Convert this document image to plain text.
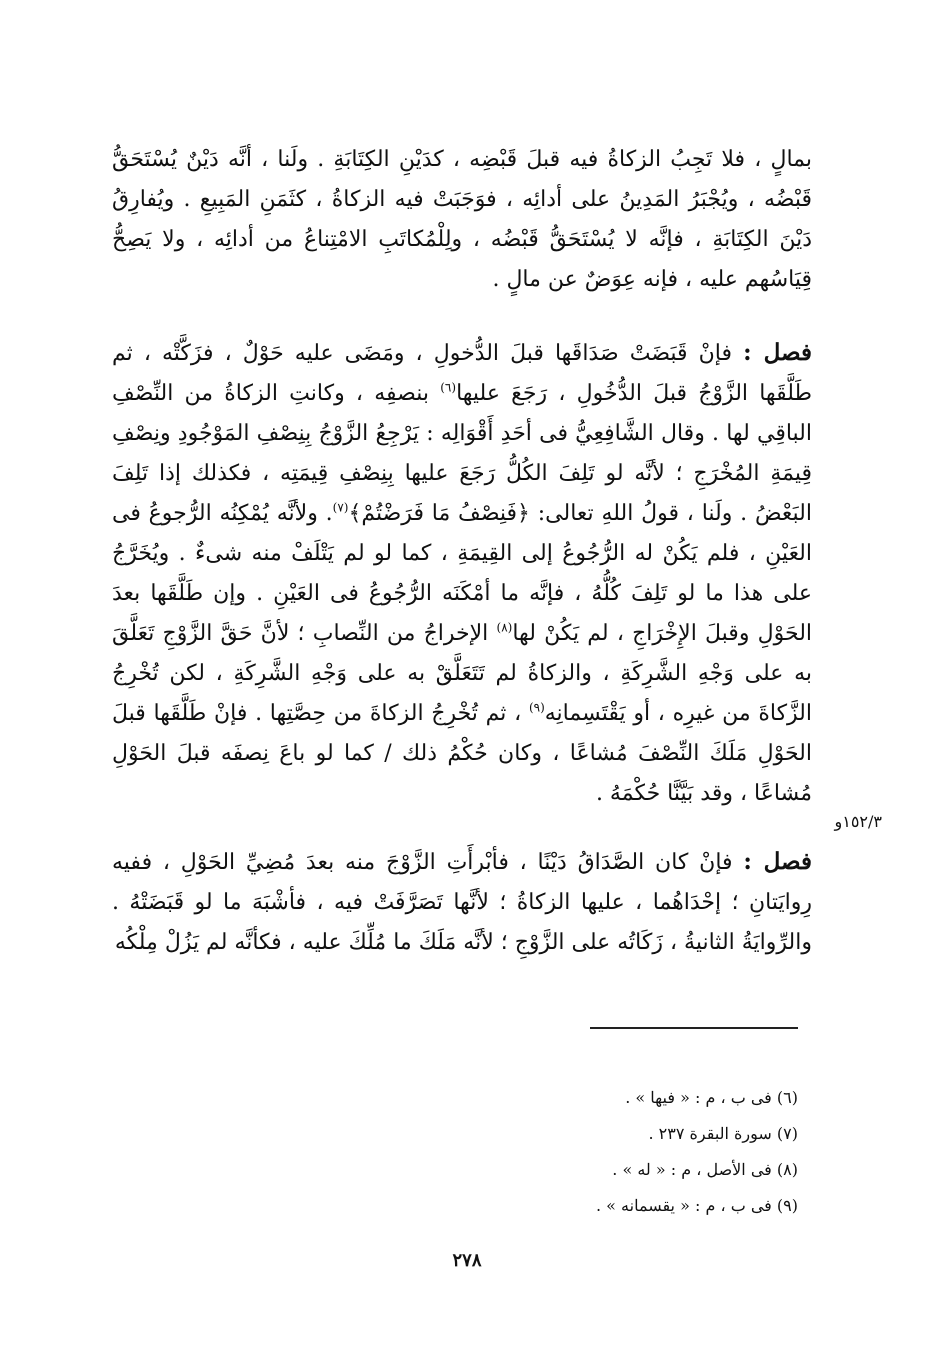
بمالٍ ، فلا تَجِبُ الزكاةُ فيه قبلَ قَبْضِه ، كدَيْنِ الكِتَابَةِ . ولَنا ، أنَّه دَيْنٌ يُسْتَحَقُّ قَبْضُه ، ويُجْبَرُ المَدِينُ على أدائِه ، فوَجَبَتْ فيه الزكاةُ ، كثَمَنِ المَبِيعِ . ويُفارِقُ دَيْنَ الكِتَابَةِ ، فإنَّه لا يُسْتَحَقُّ قَبْضُه ، ولِلْمُكاتَبِ الامْتِناعُ من أدائِه ، ولا يَصِحُّ قِيَاسُهم عليه ، فإنه عِوَضٌ عن مالٍ .

فصل : فإنْ قَبَضَتْ صَدَاقَها قبلَ الدُّخولِ ، ومَضَى عليه حَوْلٌ ، فزَكَّتْه ، ثم طَلَّقَها الزَّوْجُ قبلَ الدُّخُولِ ، رَجَعَ عليها$^{(٦)}$ بنصفِه ، وكانتِ الزكاةُ من النِّصْفِ الباقِي لها . وقال الشَّافِعِيُّ فى أحَدِ أَقْوَالِه : يَرْجِعُ الزَّوْجُ بِنِصْفِ المَوْجُودِ ونِصْفِ قِيمَةِ المُخْرَجِ ؛ لأنَّه لو تَلِفَ الكُلُّ رَجَعَ عليها بِنِصْفِ قِيمَتِه ، فكذلك إذا تَلِفَ البَعْضُ . ولَنا ، قولُ اللهِ تعالى: ﴿فَنِصْفُ مَا فَرَضْتُمْ﴾$^{(٧)}$. ولأنَّه يُمْكِنُه الرُّجوعُ فى العَيْنِ ، فلم يَكُنْ له الرُّجُوعُ إلى القِيمَةِ ، كما لو لم يَتْلَفْ منه شىءٌ . ويُخَرَّجُ على هذا ما لو تَلِفَ كُلُّهُ ، فإنَّه ما أمْكَنَه الرُّجُوعُ فى العَيْنِ . وإن طَلَّقَها بعدَ الحَوْلِ وقبلَ الإِخْرَاجِ ، لم يَكُنْ لها$^{(٨)}$ الإخراجُ من النِّصابِ ؛ لأنَّ حَقَّ الزَّوْجِ تَعَلَّقَ به على وَجْهِ الشَّرِكَةِ ، والزكاةُ لم تَتَعَلَّقْ به على وَجْهِ الشَّرِكَةِ ، لكن تُخْرِجُ الزَّكاةَ من غيرِه ، أو يَقْتَسِمانِه$^{(٩)}$ ، ثم تُخْرِجُ الزكاةَ من حِصَّتِها . فإنْ طَلَّقَها قبلَ الحَوْلِ مَلَكَ النِّصْفَ مُشاعًا ، وكان حُكْمُ ذلك / كما لو باعَ نِصفَه قبلَ الحَوْلِ مُشاعًا ، وقد بَيَّنَّا حُكْمَهُ .

١٥٢/٣و

فصل : فإنْ كان الصَّدَاقُ دَيْنًا ، فأبْرأَتِ الزَّوْجَ منه بعدَ مُضِيِّ الحَوْلِ ، ففيه رِوايَتانِ ؛ إحْدَاهُما ، عليها الزكاةُ ؛ لأنَّها تَصَرَّفَتْ فيه ، فأشْبَهَ ما لو قَبَضَتْهُ . والرِّوايَةُ الثانيةُ ، زَكَاتُه على الزَّوْجِ ؛ لأنَّه مَلَكَ ما مُلِّكَ عليه ، فكأنَّه لم يَزُلْ مِلْكُه

(٦) فى ب ، م : « فيها » .
(٧) سورة البقرة ٢٣٧ .
(٨) فى الأصل ، م : « له » .
(٩) فى ب ، م : « يقسمانه » .
٢٧٨
